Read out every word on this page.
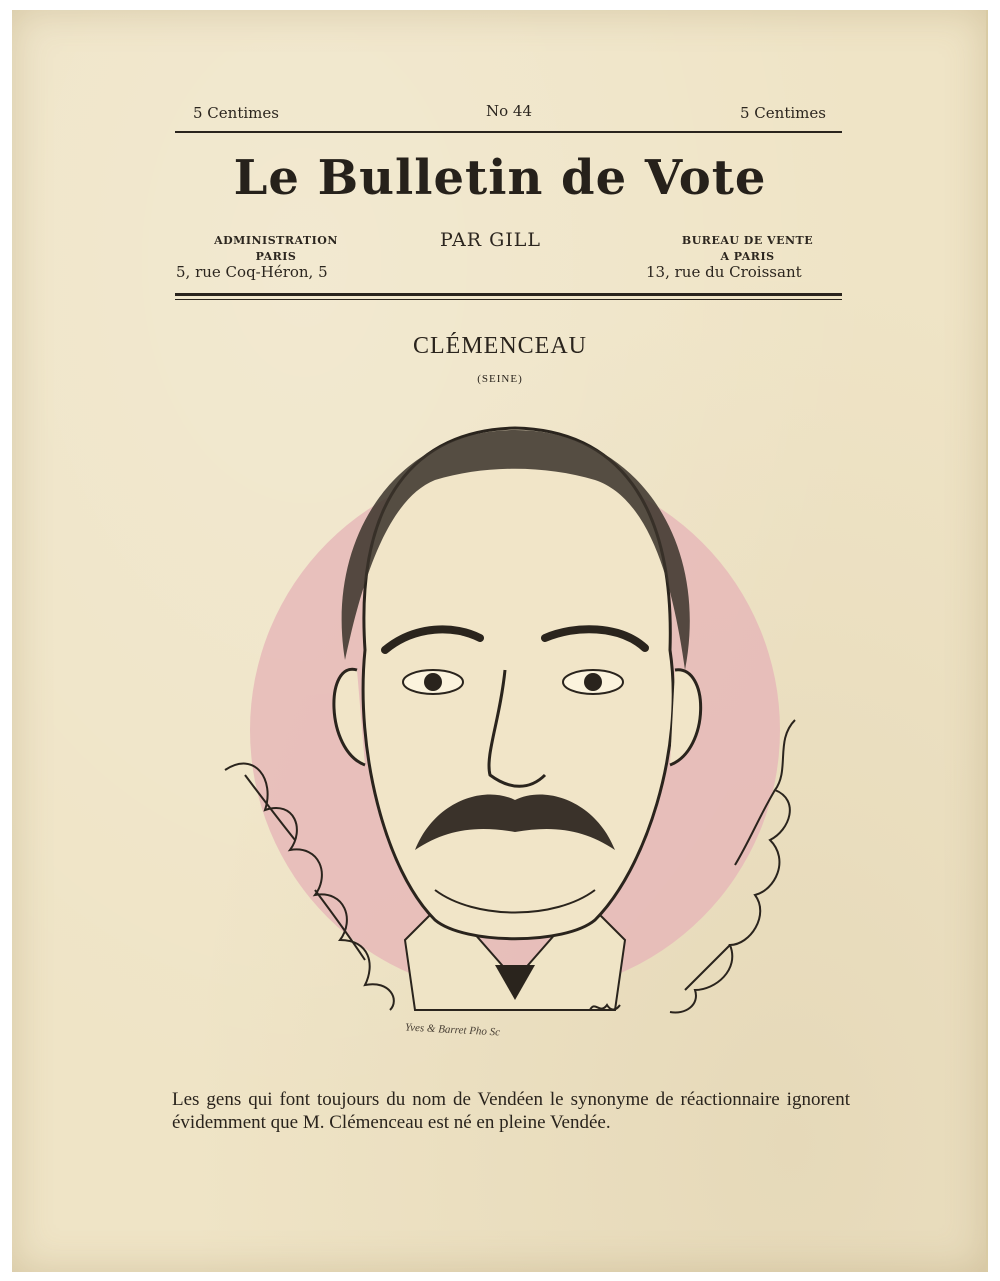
5 Centimes	No 44	5 Centimes
Le Bulletin de Vote
ADMINISTRATION
PARIS
5, rue Coq-Héron, 5
PAR GILL	BUREAU DE VENTE
A PARIS
13, rue du Croissant
CLÉMENCEAU
(SEINE)
Yves & Barret Pho Sc
Les gens qui font toujours du nom de Vendéen le synonyme de réactionnaire ignorent évidemment que M. Clémenceau est né en pleine Vendée.
